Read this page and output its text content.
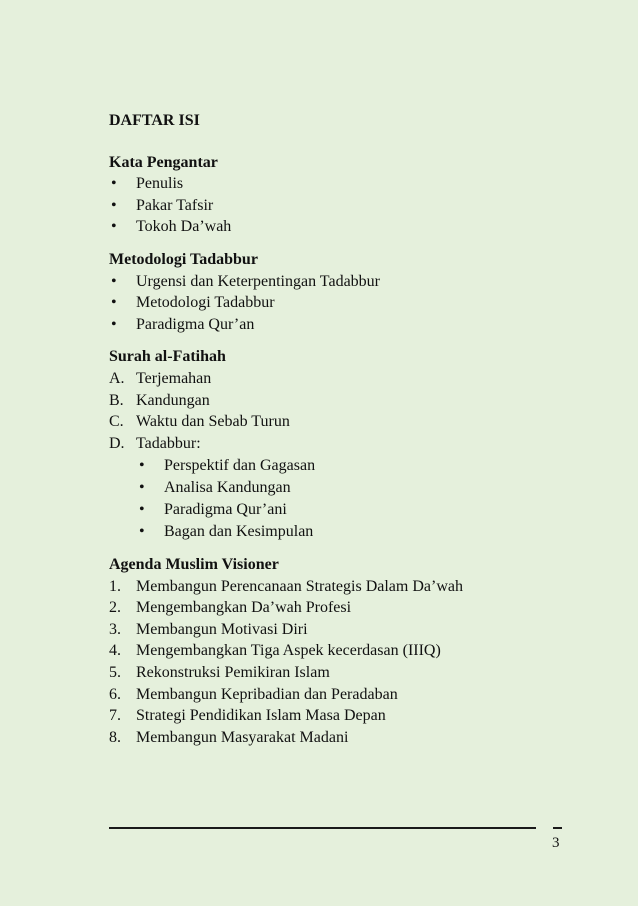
DAFTAR ISI

Kata Pengantar

• Penulis
• Pakar Tafsir
• Tokoh Da’wah

Metodologi Tadabbur

• Urgensi dan Keterpentingan Tadabbur
• Metodologi Tadabbur
• Paradigma Qur’an

Surah al-Fatihah

A. Terjemahan
B. Kandungan
C. Waktu dan Sebab Turun
D. Tadabbur:
• Perspektif dan Gagasan
• Analisa Kandungan
• Paradigma Qur’ani
• Bagan dan Kesimpulan

Agenda Muslim Visioner

1. Membangun Perencanaan Strategis Dalam Da’wah
2. Mengembangkan Da’wah Profesi
3. Membangun Motivasi Diri
4. Mengembangkan Tiga Aspek kecerdasan (IIIQ)
5. Rekonstruksi Pemikiran Islam
6. Membangun Kepribadian dan Peradaban
7. Strategi Pendidikan Islam Masa Depan
8. Membangun Masyarakat Madani
3
